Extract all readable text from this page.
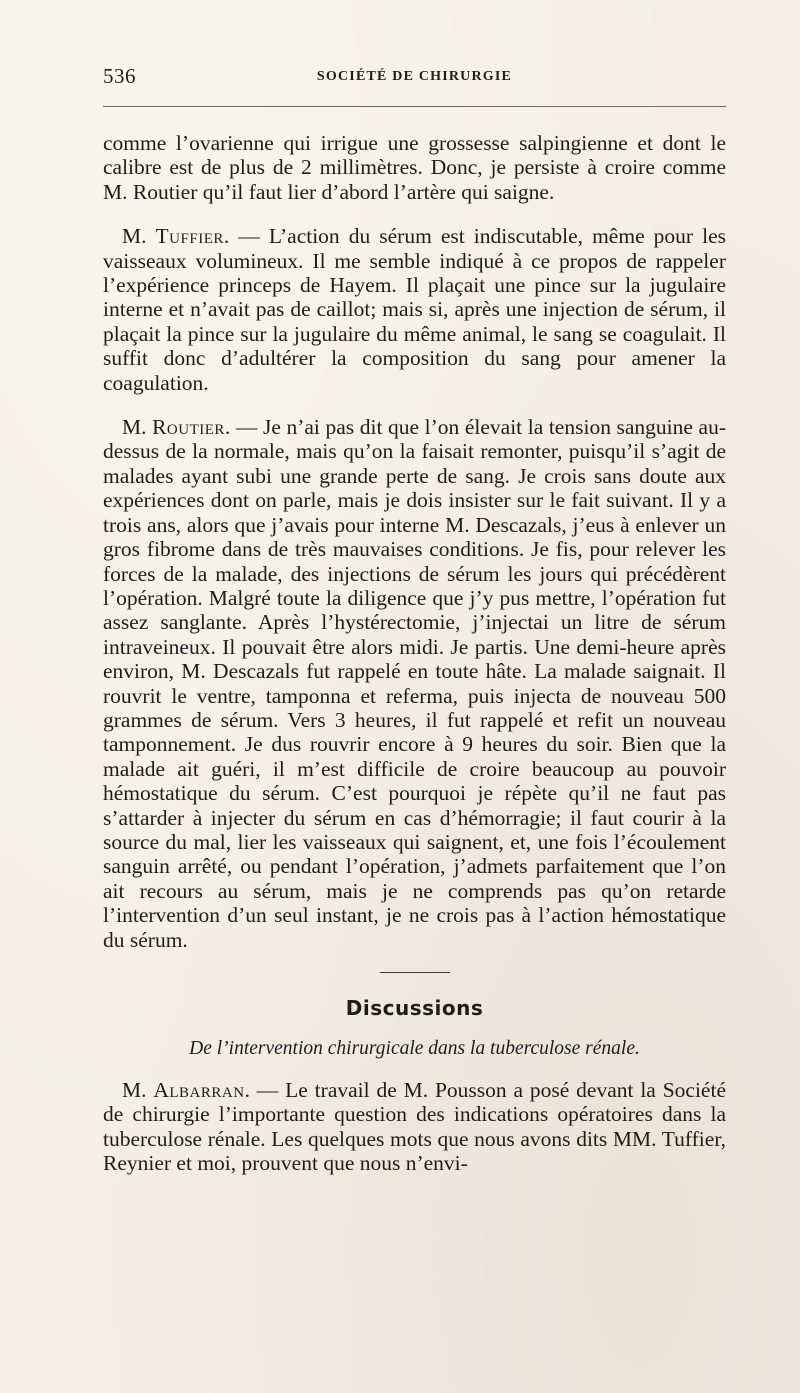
536	SOCIÉTÉ DE CHIRURGIE

comme l’ovarienne qui irrigue une grossesse salpingienne et dont le calibre est de plus de 2 millimètres. Donc, je persiste à croire comme M. Routier qu’il faut lier d’abord l’artère qui saigne.

M. Tuffier. — L’action du sérum est indiscutable, même pour les vaisseaux volumineux. Il me semble indiqué à ce propos de rappeler l’expérience princeps de Hayem. Il plaçait une pince sur la jugulaire interne et n’avait pas de caillot; mais si, après une injection de sérum, il plaçait la pince sur la jugulaire du même animal, le sang se coagulait. Il suffit donc d’adultérer la composition du sang pour amener la coagulation.

M. Routier. — Je n’ai pas dit que l’on élevait la tension sanguine au-dessus de la normale, mais qu’on la faisait remonter, puisqu’il s’agit de malades ayant subi une grande perte de sang. Je crois sans doute aux expériences dont on parle, mais je dois insister sur le fait suivant. Il y a trois ans, alors que j’avais pour interne M. Descazals, j’eus à enlever un gros fibrome dans de très mauvaises conditions. Je fis, pour relever les forces de la malade, des injections de sérum les jours qui précédèrent l’opération. Malgré toute la diligence que j’y pus mettre, l’opération fut assez sanglante. Après l’hystérectomie, j’injectai un litre de sérum intraveineux. Il pouvait être alors midi. Je partis. Une demi-heure après environ, M. Descazals fut rappelé en toute hâte. La malade saignait. Il rouvrit le ventre, tamponna et referma, puis injecta de nouveau 500 grammes de sérum. Vers 3 heures, il fut rappelé et refit un nouveau tamponnement. Je dus rouvrir encore à 9 heures du soir. Bien que la malade ait guéri, il m’est difficile de croire beaucoup au pouvoir hémostatique du sérum. C’est pourquoi je répète qu’il ne faut pas s’attarder à injecter du sérum en cas d’hémorragie; il faut courir à la source du mal, lier les vaisseaux qui saignent, et, une fois l’écoulement sanguin arrêté, ou pendant l’opération, j’admets parfaitement que l’on ait recours au sérum, mais je ne comprends pas qu’on retarde l’intervention d’un seul instant, je ne crois pas à l’action hémostatique du sérum.

Discussions
De l’intervention chirurgicale dans la tuberculose rénale.

M. Albarran. — Le travail de M. Pousson a posé devant la Société de chirurgie l’importante question des indications opératoires dans la tuberculose rénale. Les quelques mots que nous avons dits MM. Tuffier, Reynier et moi, prouvent que nous n’envi-
